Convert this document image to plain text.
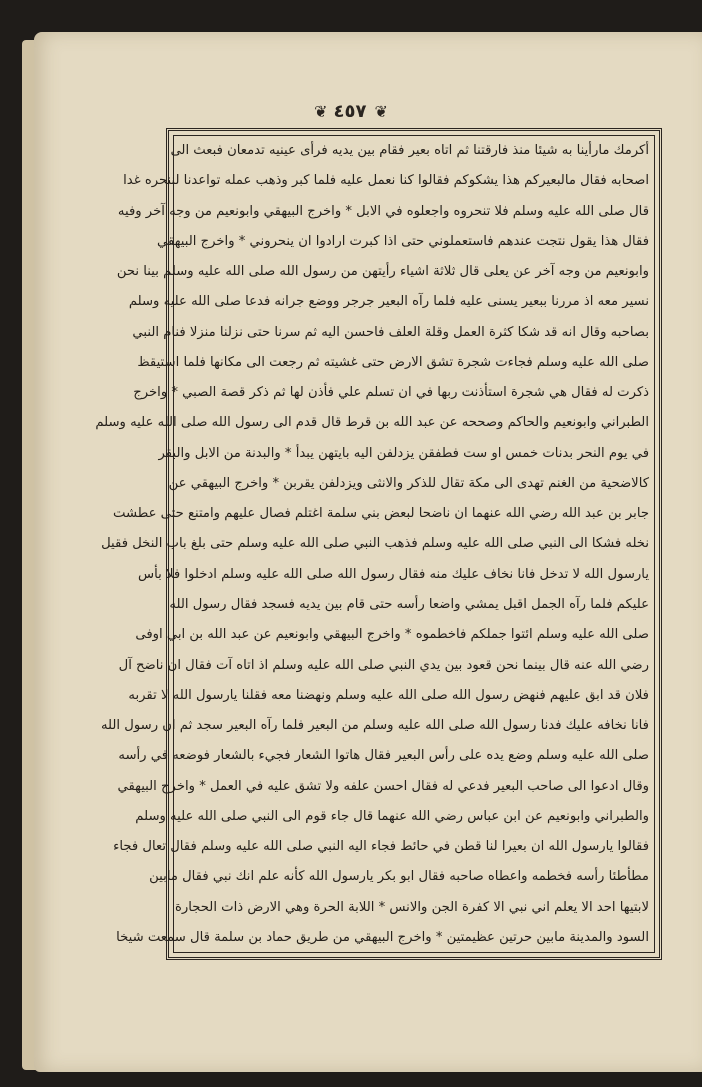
❦ ٤٥٧ ❦
أكرمك مارأينا به شيئا منذ فارقتنا ثم اتاه بعير فقام بين يديه فرأى عينيه تدمعان فبعث الى
اصحابه فقال مالبعيركم هذا يشكوكم فقالوا كنا نعمل عليه فلما كبر وذهب عمله تواعدنا لننحره غدا
قال صلى الله عليه وسلم فلا تنحروه واجعلوه في الابل * واخرج البيهقي وابونعيم من وجه آخر وفيه
فقال هذا يقول نتجت عندهم فاستعملوني حتى اذا كبرت ارادوا ان ينحروني * واخرج البيهقي
وابونعيم من وجه آخر عن يعلى قال ثلاثة اشياء رأيتهن من رسول الله صلى الله عليه وسلم بينا نحن
نسير معه اذ مررنا ببعير يسنى عليه فلما رآه البعير جرجر ووضع جرانه فدعا صلى الله عليه وسلم
بصاحبه وقال انه قد شكا كثرة العمل وقلة العلف فاحسن اليه ثم سرنا حتى نزلنا منزلا فنام النبي
صلى الله عليه وسلم فجاءت شجرة تشق الارض حتى غشيته ثم رجعت الى مكانها فلما استيقظ
ذكرت له فقال هي شجرة استأذنت ربها في ان تسلم علي فأذن لها ثم ذكر قصة الصبي * واخرج
الطبراني وابونعيم والحاكم وصححه عن عبد الله بن قرط قال قدم الى رسول الله صلى الله عليه وسلم
في يوم النحر بدنات خمس او ست فطفقن يزدلفن اليه بايتهن يبدأ * والبدنة من الابل والبقر
كالاضحية من الغنم تهدى الى مكة تقال للذكر والانثى ويزدلفن يقربن * واخرج البيهقي عن
جابر بن عبد الله رضي الله عنهما ان ناضحا لبعض بني سلمة اغتلم فصال عليهم وامتنع حتى عطشت
نخله فشكا الى النبي صلى الله عليه وسلم فذهب النبي صلى الله عليه وسلم حتى بلغ باب النخل فقيل
يارسول الله لا تدخل فانا نخاف عليك منه فقال رسول الله صلى الله عليه وسلم ادخلوا فلا بأس
عليكم فلما رآه الجمل اقبل يمشي واضعا رأسه حتى قام بين يديه فسجد فقال رسول الله
صلى الله عليه وسلم ائتوا جملكم فاخطموه * واخرج البيهقي وابونعيم عن عبد الله بن ابي اوفى
رضي الله عنه قال بينما نحن قعود بين يدي النبي صلى الله عليه وسلم اذ اتاه آت فقال ان ناضح آل
فلان قد ابق عليهم فنهض رسول الله صلى الله عليه وسلم ونهضنا معه فقلنا يارسول الله لا تقربه
فانا نخافه عليك فدنا رسول الله صلى الله عليه وسلم من البعير فلما رآه البعير سجد ثم ان رسول الله
صلى الله عليه وسلم وضع يده على رأس البعير فقال هاتوا الشعار فجيء بالشعار فوضعه في رأسه
وقال ادعوا الى صاحب البعير فدعي له فقال احسن علفه ولا تشق عليه في العمل * واخرج البيهقي
والطبراني وابونعيم عن ابن عباس رضي الله عنهما قال جاء قوم الى النبي صلى الله عليه وسلم
فقالوا يارسول الله ان بعيرا لنا قطن في حائط فجاء اليه النبي صلى الله عليه وسلم فقال تعال فجاء
مطأطئا رأسه فخطمه واعطاه صاحبه فقال ابو بكر يارسول الله كأنه علم انك نبي فقال مابين
لابتيها احد الا يعلم اني نبي الا كفرة الجن والانس * اللابة الحرة وهي الارض ذات الحجارة
السود والمدينة مابين حرتين عظيمتين * واخرج البيهقي من طريق حماد بن سلمة قال سمعت شيخا
